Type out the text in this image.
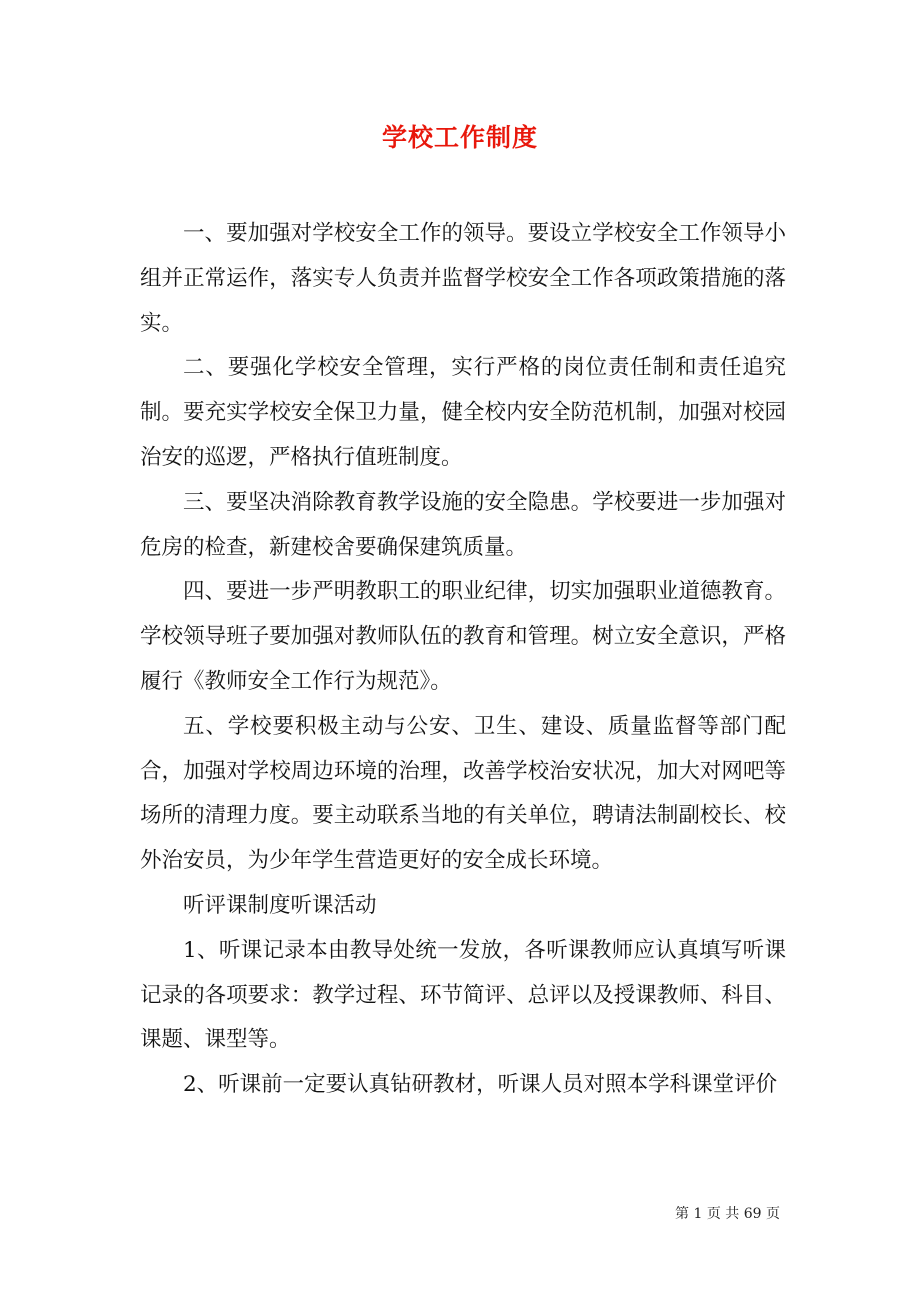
学校工作制度

一、要加强对学校安全工作的领导。要设立学校安全工作领导小组并正常运作，落实专人负责并监督学校安全工作各项政策措施的落实。

二、要强化学校安全管理，实行严格的岗位责任制和责任追究制。要充实学校安全保卫力量，健全校内安全防范机制，加强对校园治安的巡逻，严格执行值班制度。

三、要坚决消除教育教学设施的安全隐患。学校要进一步加强对危房的检查，新建校舍要确保建筑质量。

四、要进一步严明教职工的职业纪律，切实加强职业道德教育。学校领导班子要加强对教师队伍的教育和管理。树立安全意识，严格履行《教师安全工作行为规范》。

五、学校要积极主动与公安、卫生、建设、质量监督等部门配合，加强对学校周边环境的治理，改善学校治安状况，加大对网吧等场所的清理力度。要主动联系当地的有关单位，聘请法制副校长、校外治安员，为少年学生营造更好的安全成长环境。

听评课制度听课活动

1、听课记录本由教导处统一发放，各听课教师应认真填写听课记录的各项要求：教学过程、环节简评、总评以及授课教师、科目、课题、课型等。

2、听课前一定要认真钻研教材，听课人员对照本学科课堂评价

第 1 页 共 69 页
